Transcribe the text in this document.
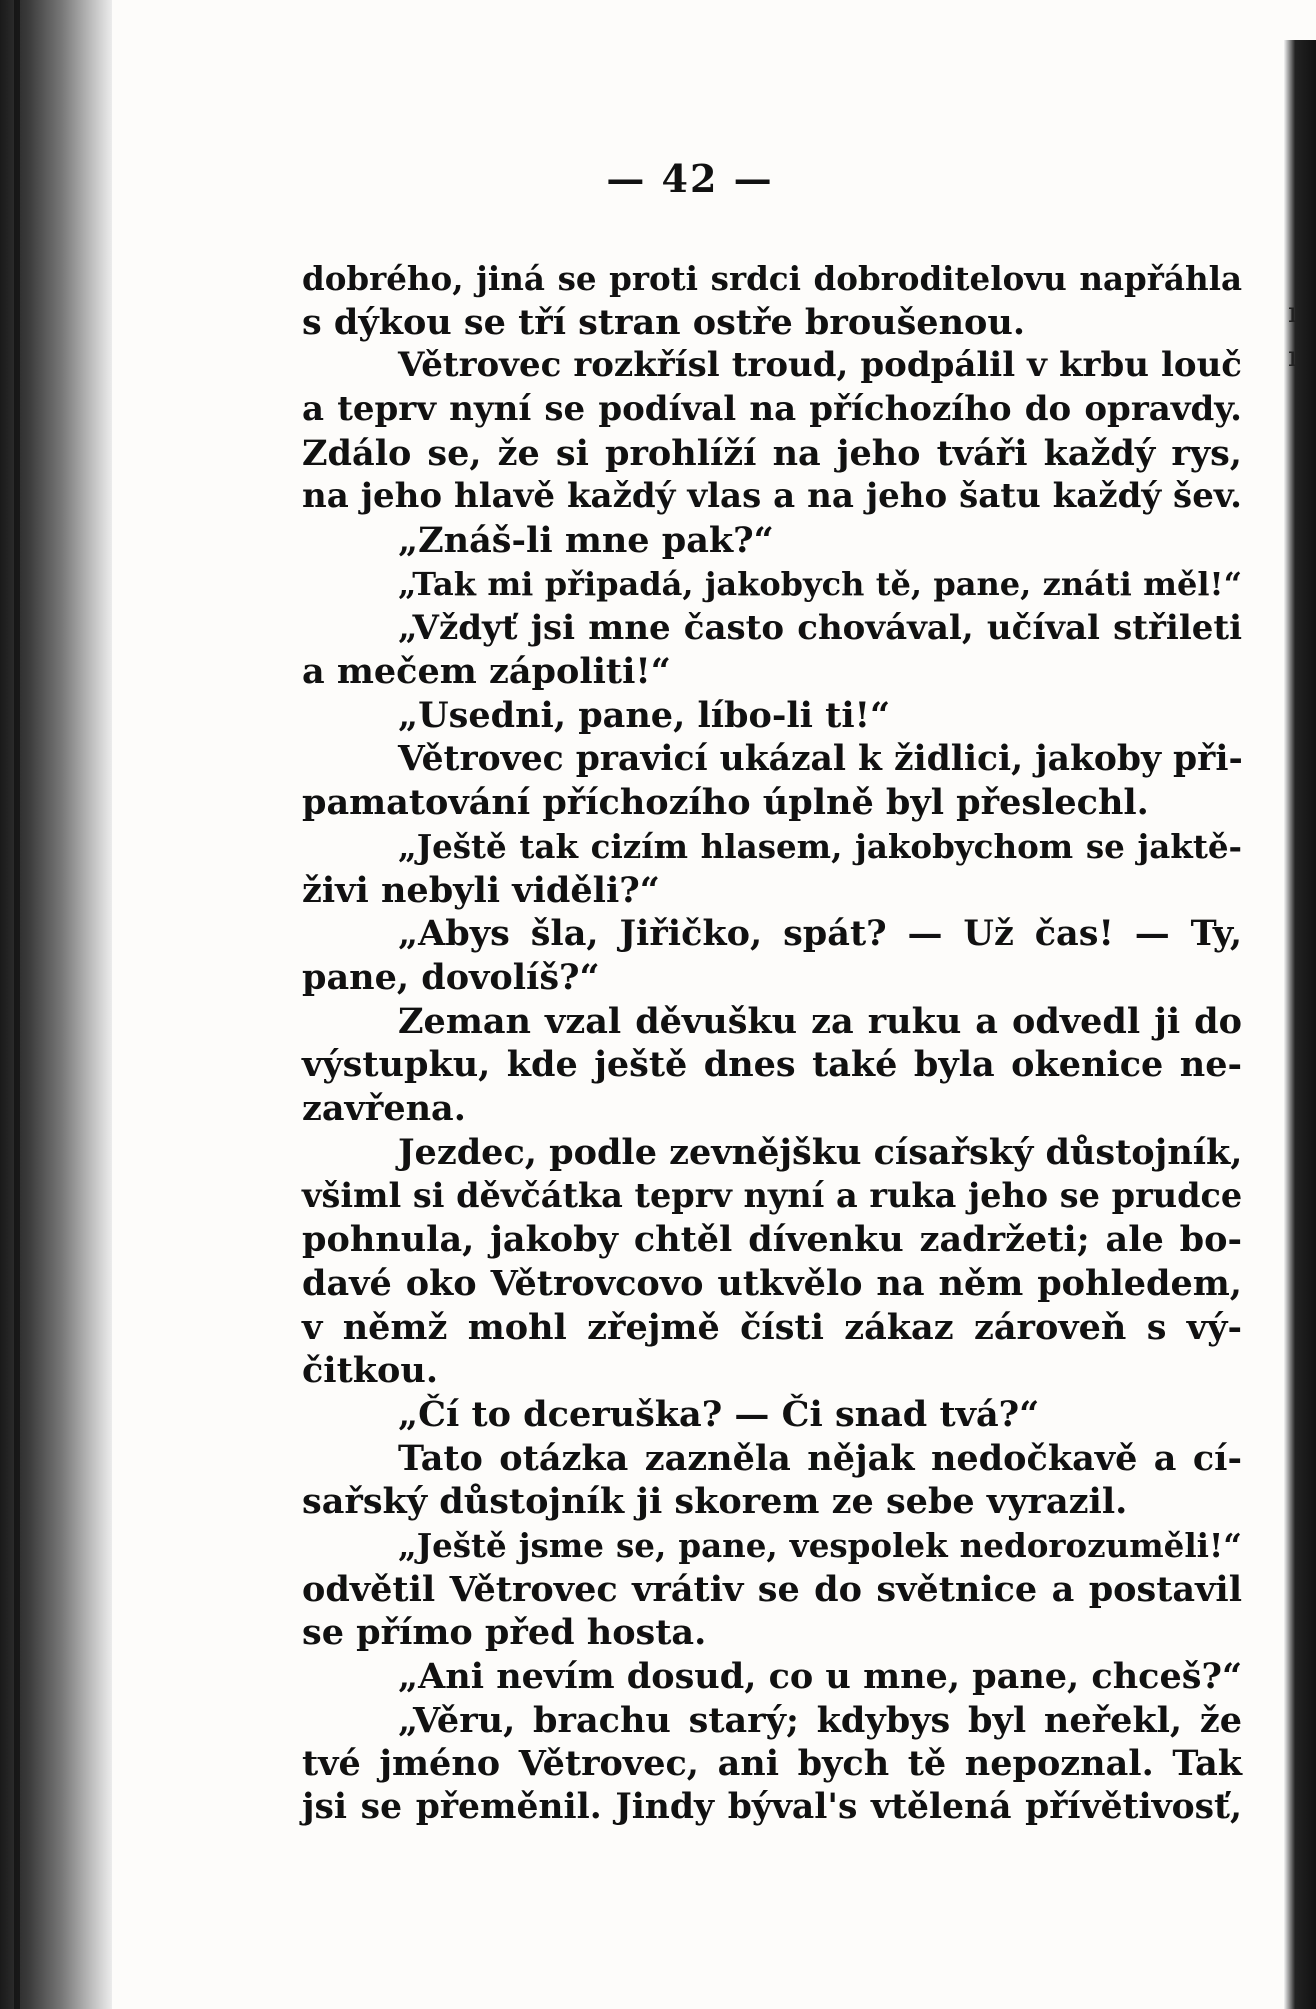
ı
ı
— 42 —
dobrého, jiná se proti srdci dobroditelovu napřáhla
s dýkou se tří stran ostře broušenou.
Větrovec rozkřísl troud, podpálil v krbu louč
a teprv nyní se podíval na příchozího do opravdy.
Zdálo se, že si prohlíží na jeho tváři každý rys,
na jeho hlavě každý vlas a na jeho šatu každý šev.
„Znáš-li mne pak?“
„Tak mi připadá, jakobych tě, pane, znáti měl!“
„Vždyť jsi mne často chovával, učíval střileti
a mečem zápoliti!“
„Usedni, pane, líbo-li ti!“
Větrovec pravicí ukázal k židlici, jakoby při-
pamatování příchozího úplně byl přeslechl.
„Ještě tak cizím hlasem, jakobychom se jaktě-
živi nebyli viděli?“
„Abys šla, Jiřičko, spát? — Už čas! — Ty,
pane, dovolíš?“
Zeman vzal děvušku za ruku a odvedl ji do
výstupku, kde ještě dnes také byla okenice ne-
zavřena.
Jezdec, podle zevnějšku císařský důstojník,
všiml si děvčátka teprv nyní a ruka jeho se prudce
pohnula, jakoby chtěl dívenku zadržeti; ale bo-
davé oko Větrovcovo utkvělo na něm pohledem,
v němž mohl zřejmě čísti zákaz zároveň s vý-
čitkou.
„Čí to dceruška? — Či snad tvá?“
Tato otázka zazněla nějak nedočkavě a cí-
sařský důstojník ji skorem ze sebe vyrazil.
„Ještě jsme se, pane, vespolek nedorozuměli!“
odvětil Větrovec vrátiv se do světnice a postavil
se přímo před hosta.
„Ani nevím dosud, co u mne, pane, chceš?“
„Věru, brachu starý; kdybys byl neřekl, že
tvé jméno Větrovec, ani bych tě nepoznal. Tak
jsi se přeměnil. Jindy býval's vtělená přívětivosť,
